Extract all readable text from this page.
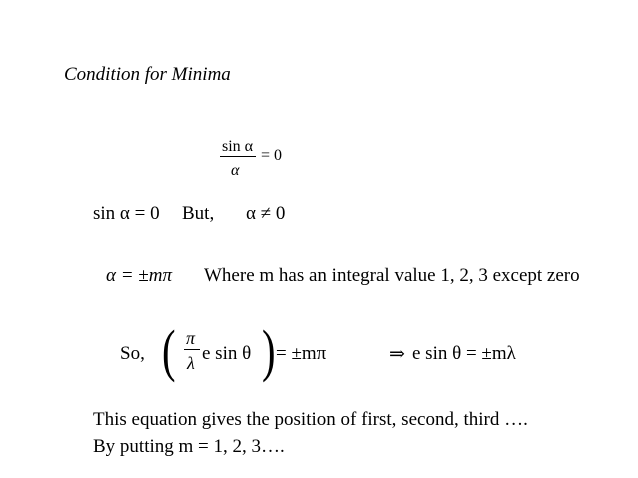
Condition for Minima
sin α
α
= 0
sin α = 0 But, α ≠ 0
α = ±mπ Where m has an integral value 1, 2, 3 except zero
So, ( π
λ e sin θ ) = ±mπ	⇒ e sin θ = ±mλ
This equation gives the position of first, second, third ….
By putting m = 1, 2, 3….
